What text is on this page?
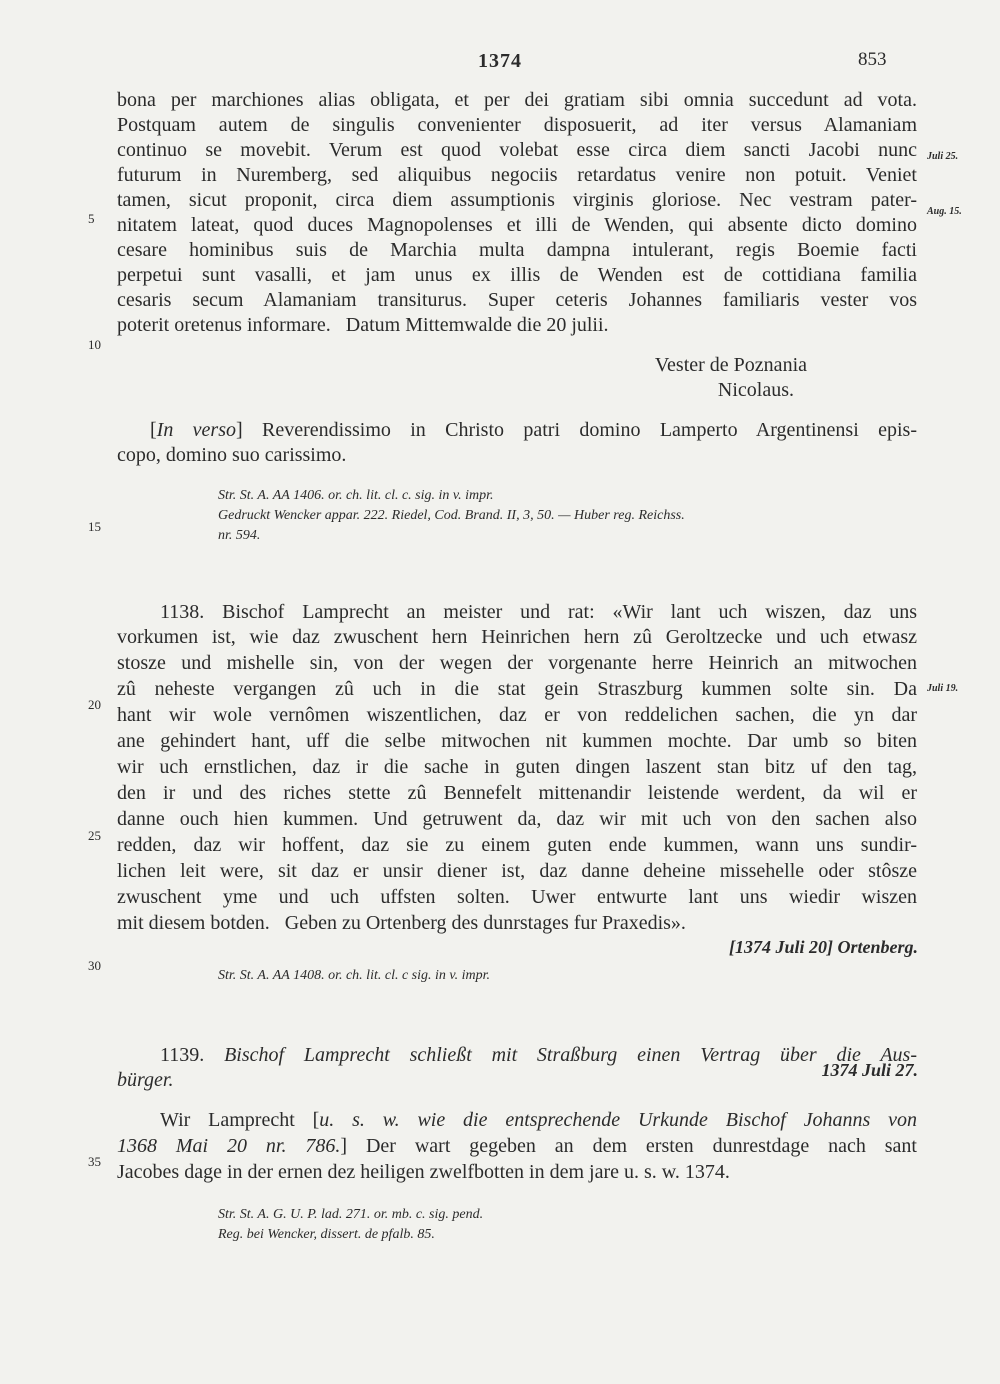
1374	853
bona per marchiones alias obligata, et per dei gratiam sibi omnia succedunt ad vota.
Postquam autem de singulis convenienter disposuerit, ad iter versus Alamaniam
continuo se movebit. Verum est quod volebat esse circa diem sancti Jacobi nunc
futurum in Nuremberg, sed aliquibus negociis retardatus venire non potuit. Veniet
tamen, sicut proponit, circa diem assumptionis virginis gloriose. Nec vestram pater-
nitatem lateat, quod duces Magnopolenses et illi de Wenden, qui absente dicto domino
cesare hominibus suis de Marchia multa dampna intulerant, regis Boemie facti
perpetui sunt vasalli, et jam unus ex illis de Wenden est de cottidiana familia
cesaris secum Alamaniam transiturus. Super ceteris Johannes familiaris vester vos
poterit oretenus informare.   Datum Mittemwalde die 20 julii.
Vester de Poznania
Nicolaus.
[In verso] Reverendissimo in Christo patri domino Lamperto Argentinensi epis-
copo, domino suo carissimo.
Str. St. A. AA 1406. or. ch. lit. cl. c. sig. in v. impr.
Gedruckt Wencker appar. 222. Riedel, Cod. Brand. II, 3, 50. — Huber reg. Reichss.
nr. 594.
1138. Bischof Lamprecht an meister und rat: «Wir lant uch wiszen, daz uns
vorkumen ist, wie daz zwuschent hern Heinrichen hern zû Geroltzecke und uch etwasz
stosze und mishelle sin, von der wegen der vorgenante herre Heinrich an mitwochen
zû neheste vergangen zû uch in die stat gein Straszburg kummen solte sin. Da
hant wir wole vernômen wiszentlichen, daz er von reddelichen sachen, die yn dar
ane gehindert hant, uff die selbe mitwochen nit kummen mochte. Dar umb so biten
wir uch ernstlichen, daz ir die sache in guten dingen laszent stan bitz uf den tag,
den ir und des riches stette zû Bennefelt mittenandir leistende werdent, da wil er
danne ouch hien kummen. Und getruwent da, daz wir mit uch von den sachen also
redden, daz wir hoffent, daz sie zu einem guten ende kummen, wann uns sundir-
lichen leit were, sit daz er unsir diener ist, daz danne deheine missehelle oder stôsze
zwuschent yme und uch uffsten solten. Uwer entwurte lant uns wiedir wiszen
mit diesem botden.   Geben zu Ortenberg des dunrstages fur Praxedis».
[1374 Juli 20] Ortenberg.
Str. St. A. AA 1408. or. ch. lit. cl. c sig. in v. impr.
1139. Bischof Lamprecht schließt mit Straßburg einen Vertrag über die Aus-
bürger.	1374 Juli 27.
Wir Lamprecht [u. s. w. wie die entsprechende Urkunde Bischof Johanns von
1368 Mai 20 nr. 786.] Der wart gegeben an dem ersten dunrestdage nach sant
Jacobes dage in der ernen dez heiligen zwelfbotten in dem jare u. s. w. 1374.
Str. St. A. G. U. P. lad. 271. or. mb. c. sig. pend.
Reg. bei Wencker, dissert. de pfalb. 85.
5
10
15
20
25
30
35
Juli 25.
Aug. 15.
Juli 19.
